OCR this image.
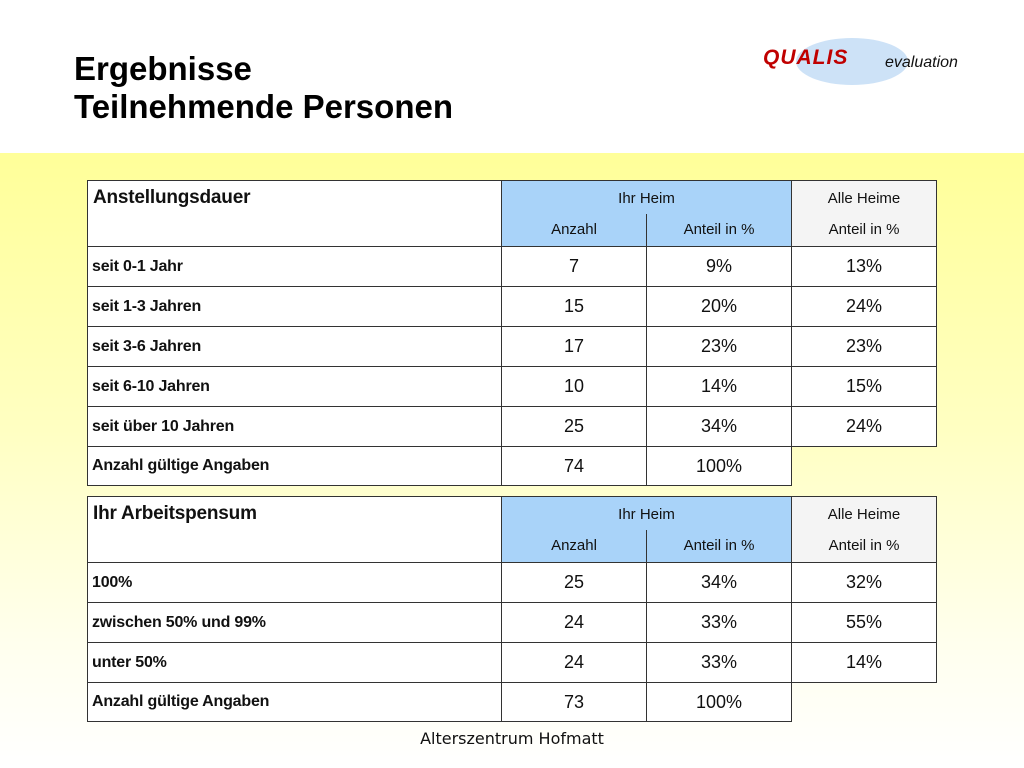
Ergebnisse
Teilnehmende Personen
QUALIS evaluation
Anstellungsdauer	Ihr Heim		Alle Heime
	Anzahl	Anteil in %	Anteil in %
seit 0-1 Jahr	7	9%	13%
seit 1-3 Jahren	15	20%	24%
seit 3-6 Jahren	17	23%	23%
seit 6-10 Jahren	10	14%	15%
seit über 10 Jahren	25	34%	24%
Anzahl gültige Angaben	74	100%	
Ihr Arbeitspensum	Ihr Heim		Alle Heime
	Anzahl	Anteil in %	Anteil in %
100%	25	34%	32%
zwischen 50% und 99%	24	33%	55%
unter 50%	24	33%	14%
Anzahl gültige Angaben	73	100%	
Alterszentrum Hofmatt
